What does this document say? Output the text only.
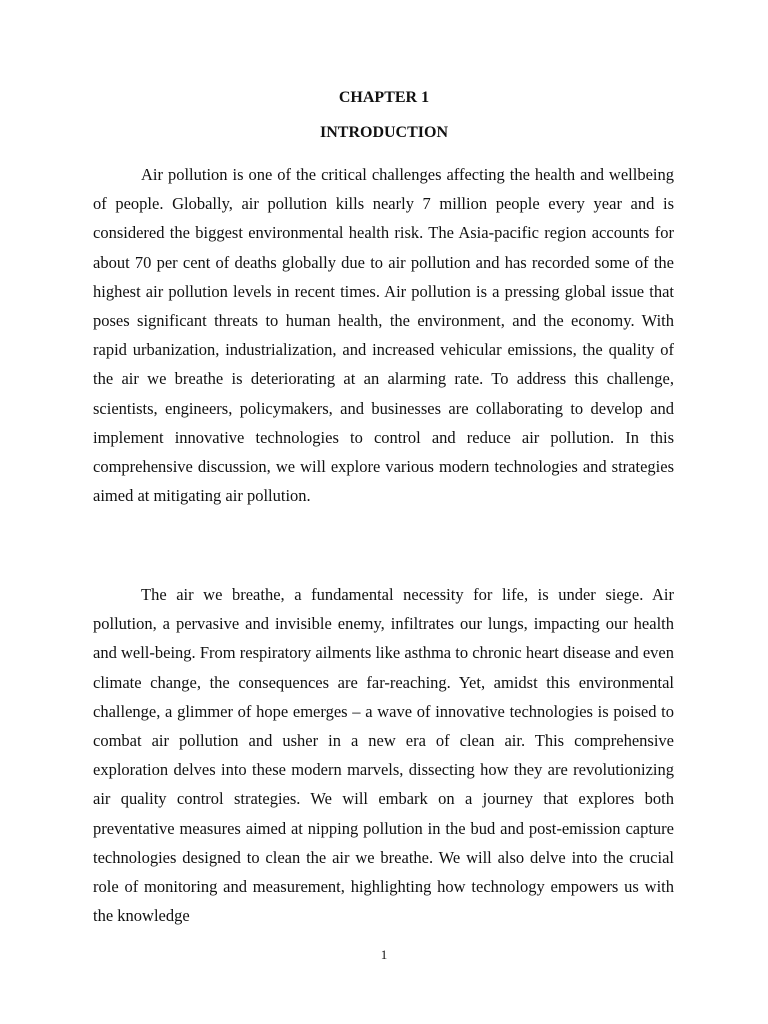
CHAPTER 1
INTRODUCTION

Air pollution is one of the critical challenges affecting the health and wellbeing of people. Globally, air pollution kills nearly 7 million people every year and is considered the biggest environmental health risk. The Asia-pacific region accounts for about 70 per cent of deaths globally due to air pollution and has recorded some of the highest air pollution levels in recent times. Air pollution is a pressing global issue that poses significant threats to human health, the environment, and the economy. With rapid urbanization, industrialization, and increased vehicular emissions, the quality of the air we breathe is deteriorating at an alarming rate. To address this challenge, scientists, engineers, policymakers, and businesses are collaborating to develop and implement innovative technologies to control and reduce air pollution. In this comprehensive discussion, we will explore various modern technologies and strategies aimed at mitigating air pollution.

The air we breathe, a fundamental necessity for life, is under siege. Air pollution, a pervasive and invisible enemy, infiltrates our lungs, impacting our health and well-being. From respiratory ailments like asthma to chronic heart disease and even climate change, the consequences are far-reaching. Yet, amidst this environmental challenge, a glimmer of hope emerges – a wave of innovative technologies is poised to combat air pollution and usher in a new era of clean air. This comprehensive exploration delves into these modern marvels, dissecting how they are revolutionizing air quality control strategies. We will embark on a journey that explores both preventative measures aimed at nipping pollution in the bud and post-emission capture technologies designed to clean the air we breathe. We will also delve into the crucial role of monitoring and measurement, highlighting how technology empowers us with the knowledge

1
